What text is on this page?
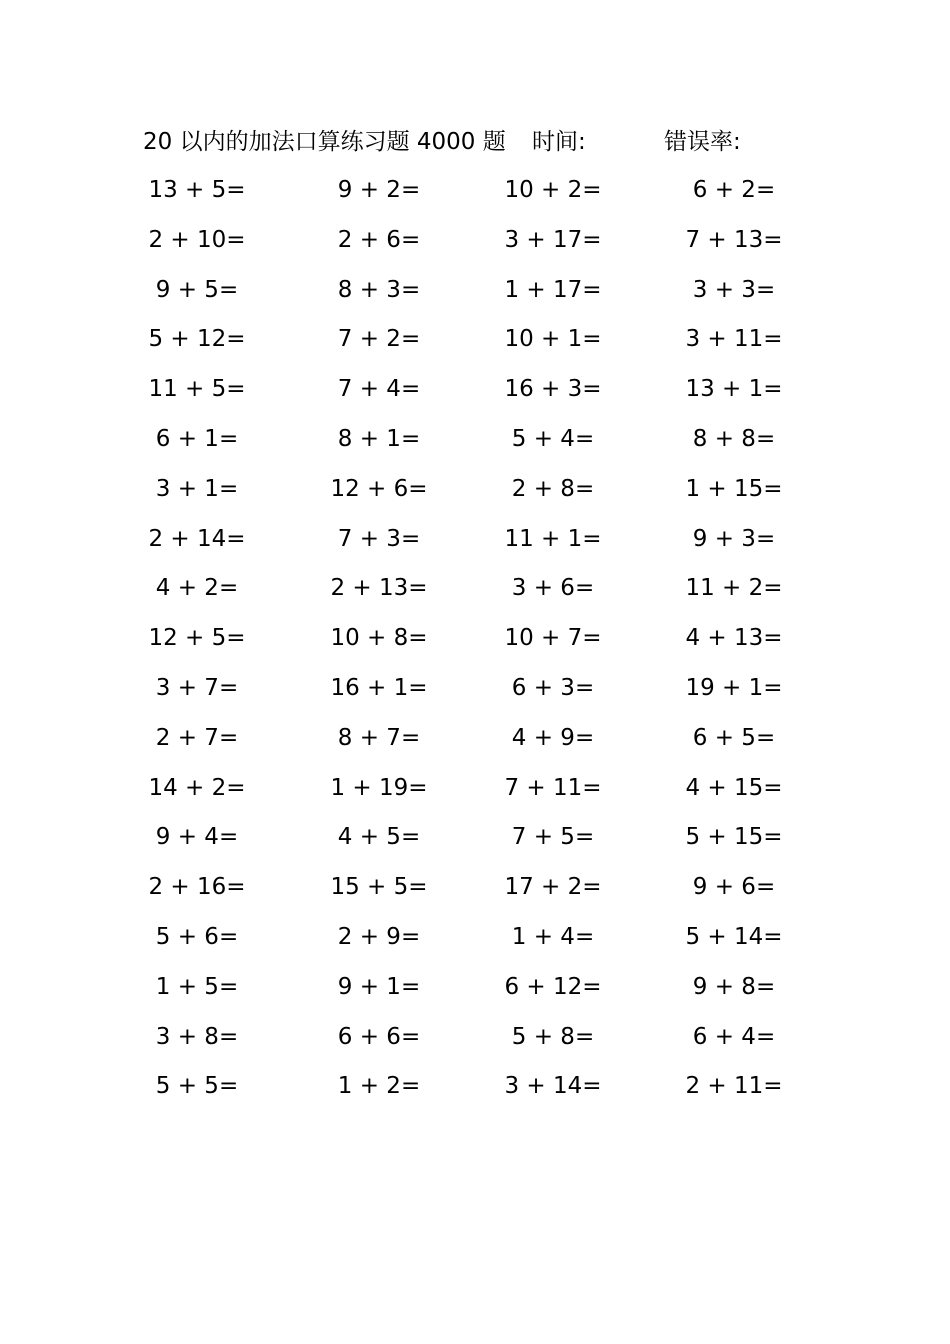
20 以内的加法口算练习题 4000 题 时间:	错误率:
13 + 5=	9 + 2=	10 + 2=	6 + 2=
2 + 10=	2 + 6=	3 + 17=	7 + 13=
9 + 5=	8 + 3=	1 + 17=	3 + 3=
5 + 12=	7 + 2=	10 + 1=	3 + 11=
11 + 5=	7 + 4=	16 + 3=	13 + 1=
6 + 1=	8 + 1=	5 + 4=	8 + 8=
3 + 1=	12 + 6=	2 + 8=	1 + 15=
2 + 14=	7 + 3=	11 + 1=	9 + 3=
4 + 2=	2 + 13=	3 + 6=	11 + 2=
12 + 5=	10 + 8=	10 + 7=	4 + 13=
3 + 7=	16 + 1=	6 + 3=	19 + 1=
2 + 7=	8 + 7=	4 + 9=	6 + 5=
14 + 2=	1 + 19=	7 + 11=	4 + 15=
9 + 4=	4 + 5=	7 + 5=	5 + 15=
2 + 16=	15 + 5=	17 + 2=	9 + 6=
5 + 6=	2 + 9=	1 + 4=	5 + 14=
1 + 5=	9 + 1=	6 + 12=	9 + 8=
3 + 8=	6 + 6=	5 + 8=	6 + 4=
5 + 5=	1 + 2=	3 + 14=	2 + 11=
